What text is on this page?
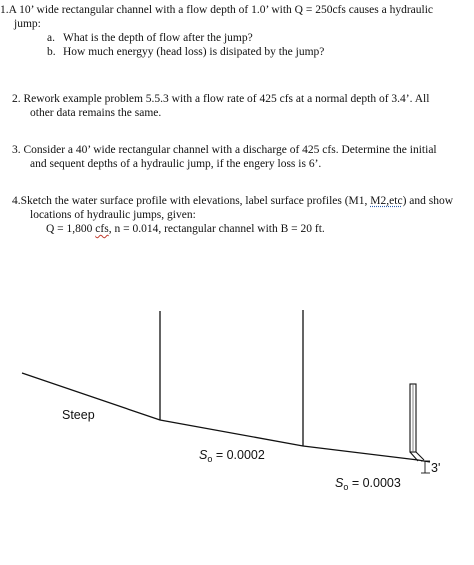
1.A 10’ wide rectangular channel with a flow depth of 1.0’ with Q = 250cfs causes a hydraulic
jump:
a. What is the depth of flow after the jump?
b. How much energyy (head loss) is disipated by the jump?
2. Rework example problem 5.5.3 with a flow rate of 425 cfs at a normal depth of 3.4’. All
other data remains the same.
3. Consider a 40’ wide rectangular channel with a discharge of 425 cfs. Determine the initial
and sequent depths of a hydraulic jump, if the engery loss is 6’.
4.Sketch the water surface profile with elevations, label surface profiles (M1, M2,etc) and show
locations of hydraulic jumps, given:
Q = 1,800 cfs, n = 0.014, rectangular channel with B = 20 ft.
3'
Steep
$S_o = 0.0002$
$S_o = 0.0003$
